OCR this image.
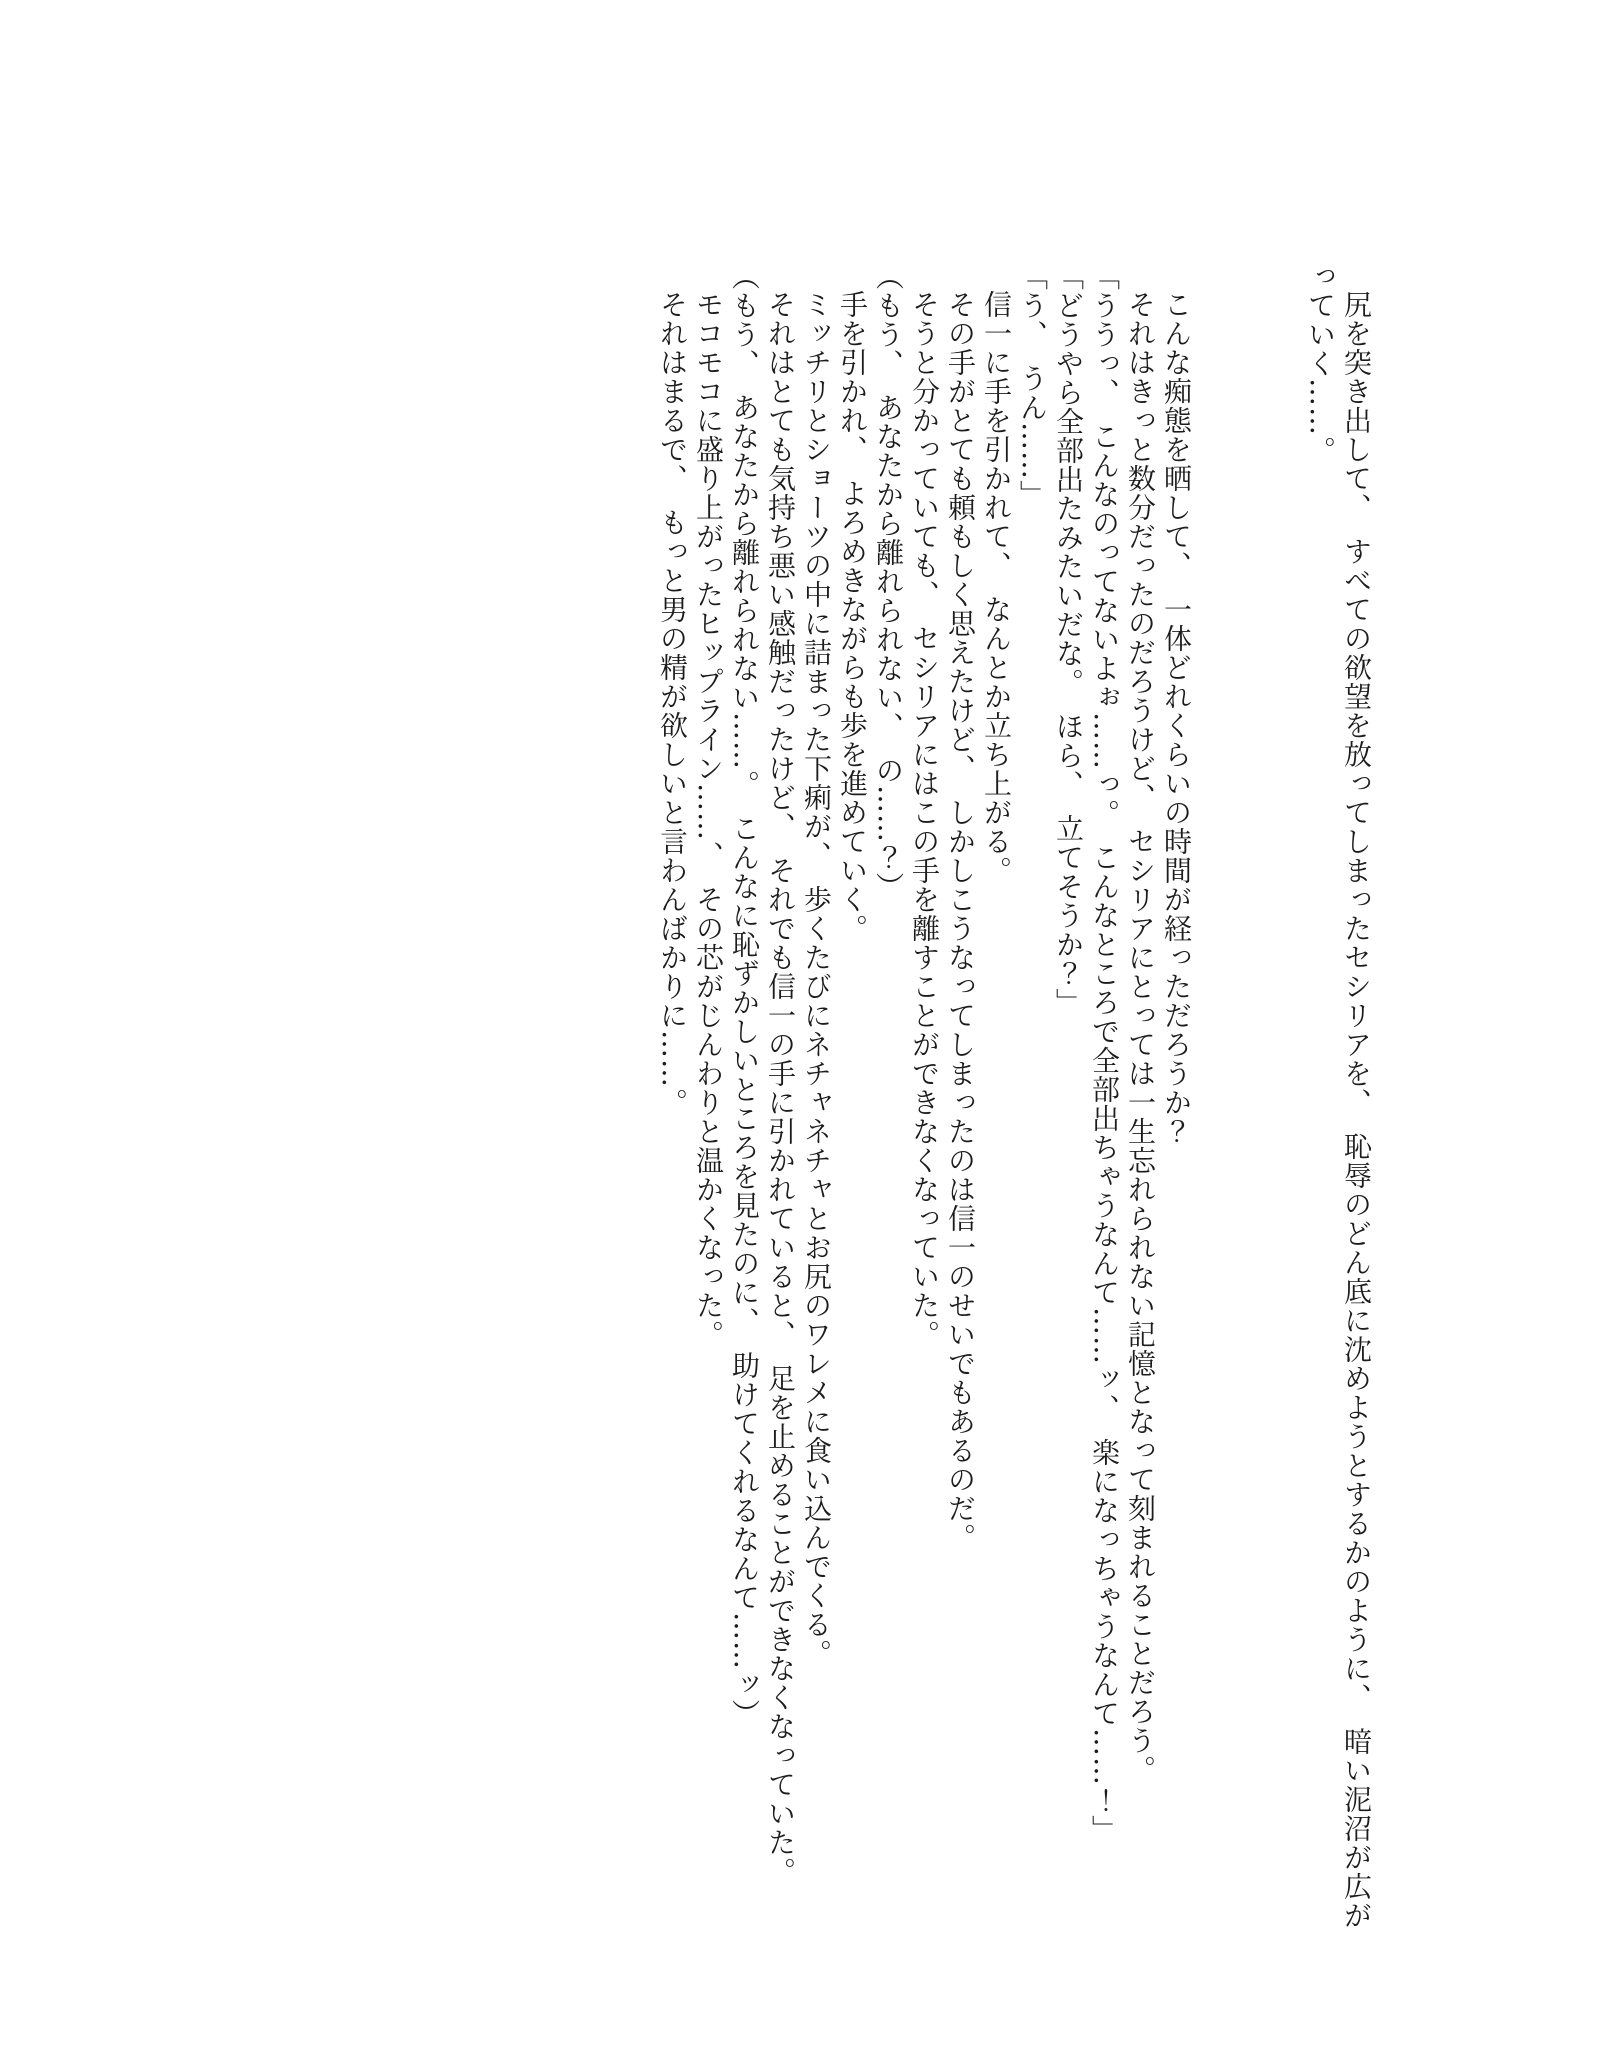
尻を突き出して、　すべての欲望を放ってしまったセシリアを、　恥辱のどん底に沈めようとするかのように、　暗い泥沼が広がっていく……。

こんな痴態を晒して、　一体どれくらいの時間が経っただろうか？

それはきっと数分だったのだろうけど、　セシリアにとっては一生忘れられない記憶となって刻まれることだろう。

「ううっ、　こんなのってないよぉ……っ。　こんなところで全部出ちゃうなんて……ッ、　楽になっちゃうなんて……！」

「どうやら全部出たみたいだな。　ほら、　立てそうか？」

「う、　うん……」

信一に手を引かれて、　なんとか立ち上がる。

その手がとても頼もしく思えたけど、　しかしこうなってしまったのは信一のせいでもあるのだ。

そうと分かっていても、　セシリアにはこの手を離すことができなくなっていた。

（もう、　あなたから離れられない、　の……？）

手を引かれ、　よろめきながらも歩を進めていく。

ミッチリとショーツの中に詰まった下痢が、　歩くたびにネチャネチャとお尻のワレメに食い込んでくる。

それはとても気持ち悪い感触だったけど、　それでも信一の手に引かれていると、　足を止めることができなくなっていた。

（もう、　あなたから離れられない……。　こんなに恥ずかしいところを見たのに、　助けてくれるなんて……ッ）

モコモコに盛り上がったヒップライン……、　その芯がじんわりと温かくなった。

それはまるで、　もっと男の精が欲しいと言わんばかりに……。
